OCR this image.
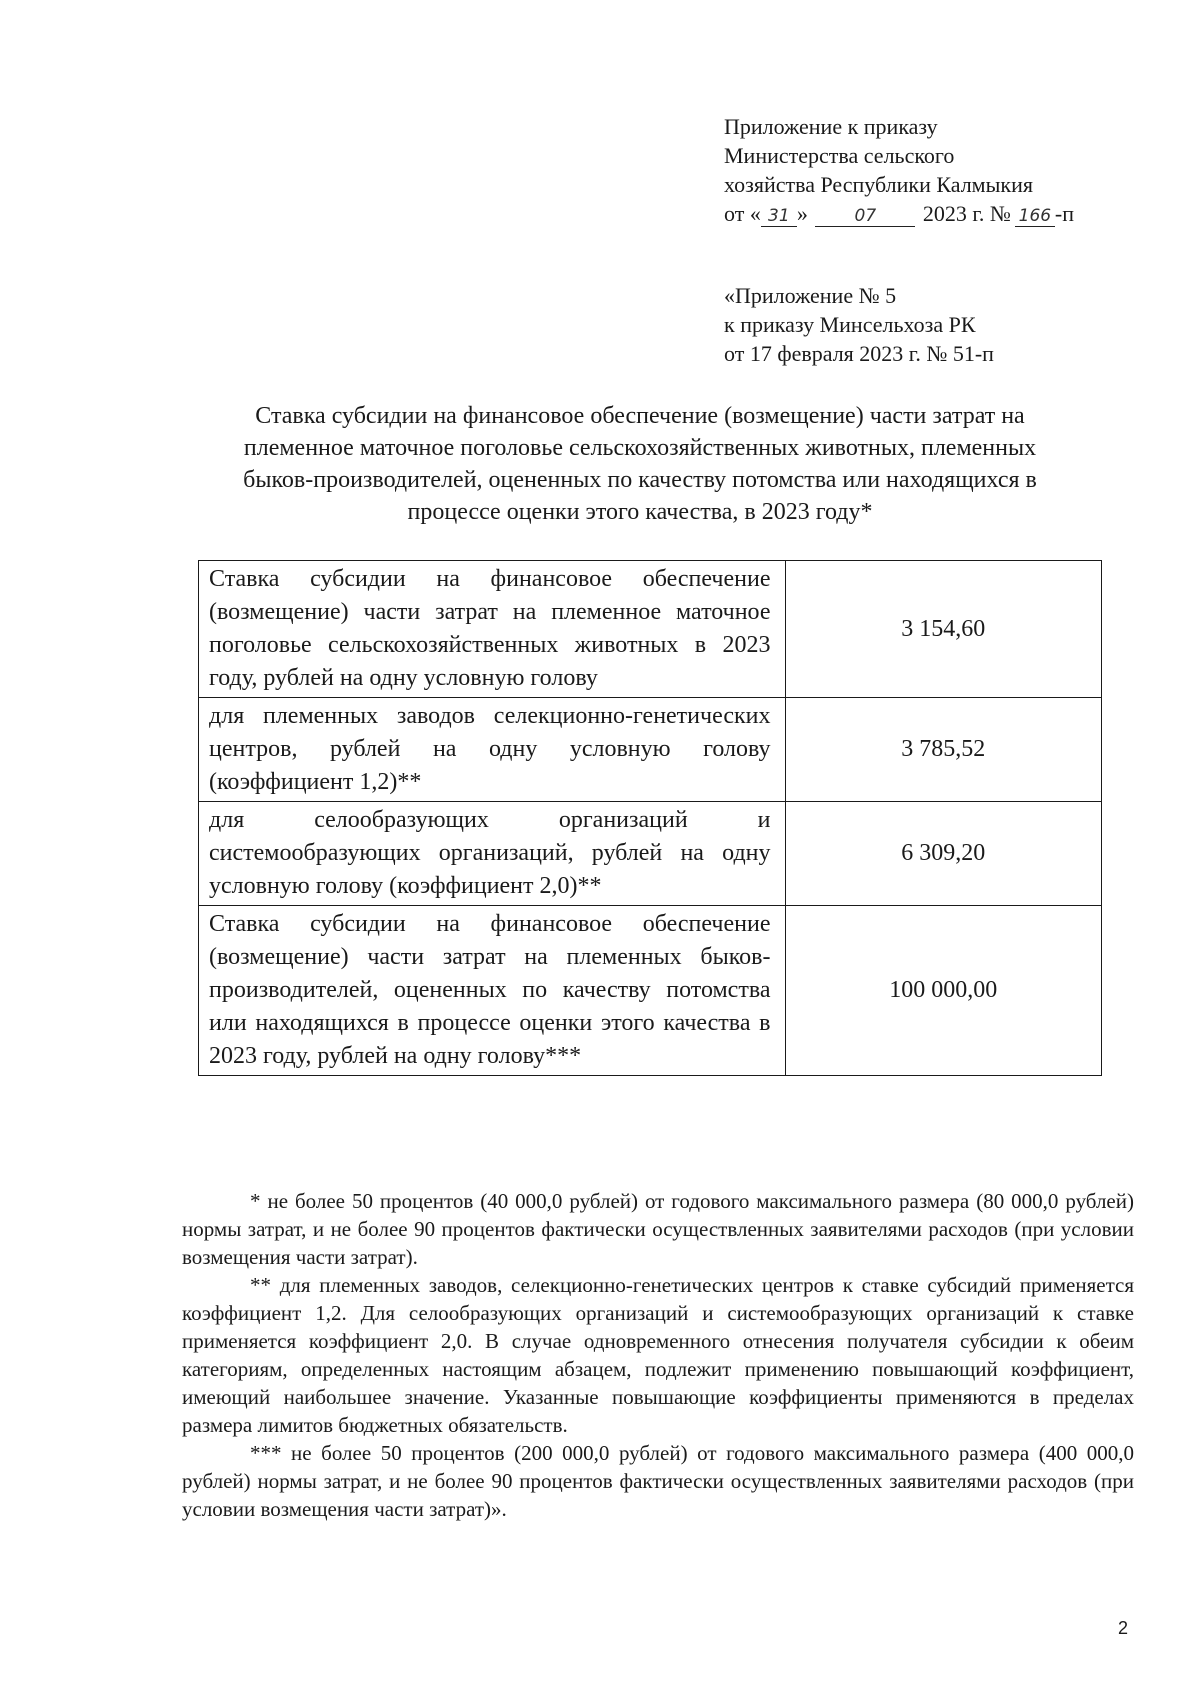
Приложение к приказу
Министерства сельского
хозяйства Республики Калмыкия
от « 31 »	07 2023 г. № 166 -п
«Приложение № 5
к приказу Минсельхоза РК
от 17 февраля 2023 г. № 51-п
Ставка субсидии на финансовое обеспечение (возмещение) части затрат на
племенное маточное поголовье сельскохозяйственных животных, племенных
быков-производителей, оцененных по качеству потомства или находящихся в
процессе оценки этого качества, в 2023 году*
Ставка субсидии на финансовое обеспечение (возмещение) части затрат на племенное маточное поголовье сельскохозяйственных животных в 2023 году, рублей на одну условную голову	3 154,60
для племенных заводов селекционно-генетических центров, рублей на одну условную голову (коэффициент 1,2)**	3 785,52
для селообразующих организаций и системообразующих организаций, рублей на одну условную голову (коэффициент 2,0)**	6 309,20
Ставка субсидии на финансовое обеспечение (возмещение) части затрат на племенных быков-производителей, оцененных по качеству потомства или находящихся в процессе оценки этого качества в 2023 году, рублей на одну голову***	100 000,00

* не более 50 процентов (40 000,0 рублей) от годового максимального размера (80 000,0 рублей) нормы затрат, и не более 90 процентов фактически осуществленных заявителями расходов (при условии возмещения части затрат).

** для племенных заводов, селекционно-генетических центров к ставке субсидий применяется коэффициент 1,2. Для селообразующих организаций и системообразующих организаций к ставке применяется коэффициент 2,0. В случае одновременного отнесения получателя субсидии к обеим категориям, определенных настоящим абзацем, подлежит применению повышающий коэффициент, имеющий наибольшее значение. Указанные повышающие коэффициенты применяются в пределах размера лимитов бюджетных обязательств.

*** не более 50 процентов (200 000,0 рублей) от годового максимального размера (400 000,0 рублей) нормы затрат, и не более 90 процентов фактически осуществленных заявителями расходов (при условии возмещения части затрат)».

2
